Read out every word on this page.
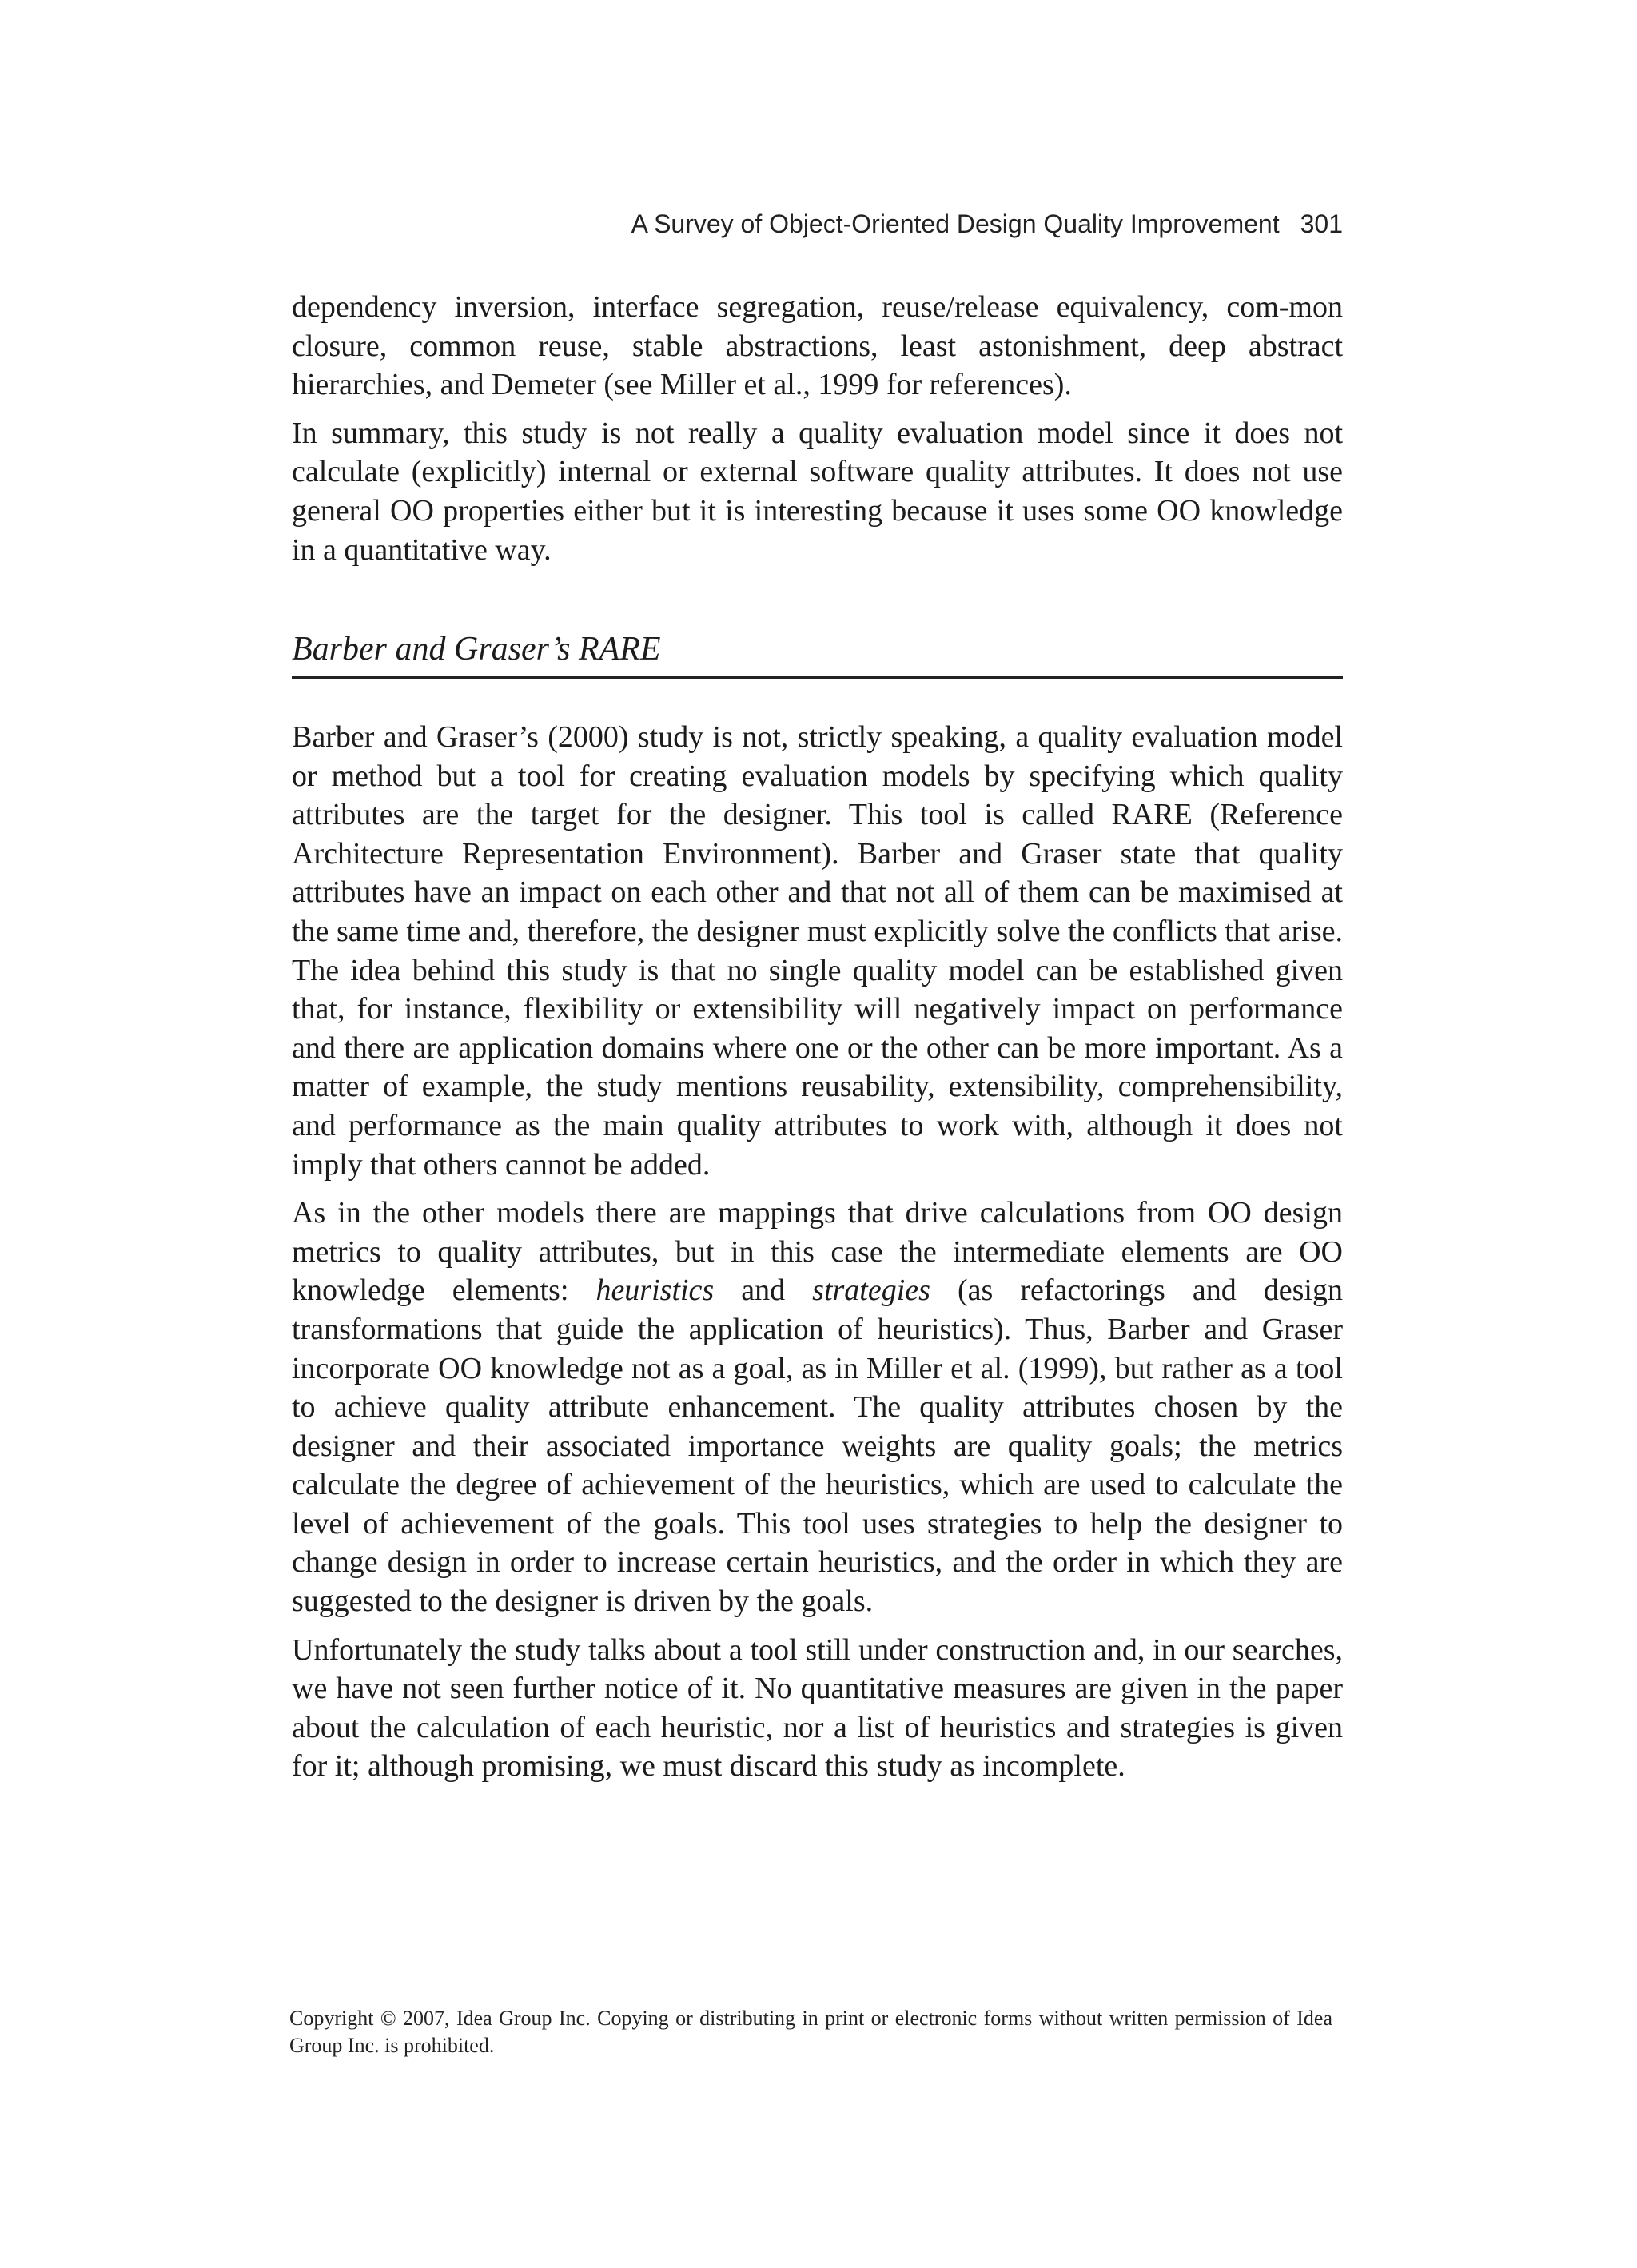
A Survey of Object-Oriented Design Quality Improvement 301

dependency inversion, interface segregation, reuse/release equivalency, com-mon closure, common reuse, stable abstractions, least astonishment, deep abstract hierarchies, and Demeter (see Miller et al., 1999 for references).

In summary, this study is not really a quality evaluation model since it does not calculate (explicitly) internal or external software quality attributes. It does not use general OO properties either but it is interesting because it uses some OO knowledge in a quantitative way.

Barber and Graser’s RARE

Barber and Graser’s (2000) study is not, strictly speaking, a quality evaluation model or method but a tool for creating evaluation models by specifying which quality attributes are the target for the designer. This tool is called RARE (Reference Architecture Representation Environment). Barber and Graser state that quality attributes have an impact on each other and that not all of them can be maximised at the same time and, therefore, the designer must explicitly solve the conflicts that arise. The idea behind this study is that no single quality model can be established given that, for instance, flexibility or extensibility will negatively impact on performance and there are application domains where one or the other can be more important. As a matter of example, the study mentions reusability, extensibility, comprehensibility, and performance as the main quality attributes to work with, although it does not imply that others cannot be added.

As in the other models there are mappings that drive calculations from OO design metrics to quality attributes, but in this case the intermediate elements are OO knowledge elements: heuristics and strategies (as refactorings and design transformations that guide the application of heuristics). Thus, Barber and Graser incorporate OO knowledge not as a goal, as in Miller et al. (1999), but rather as a tool to achieve quality attribute enhancement. The quality attributes chosen by the designer and their associated importance weights are quality goals; the metrics calculate the degree of achievement of the heuristics, which are used to calculate the level of achievement of the goals. This tool uses strategies to help the designer to change design in order to increase certain heuristics, and the order in which they are suggested to the designer is driven by the goals.

Unfortunately the study talks about a tool still under construction and, in our searches, we have not seen further notice of it. No quantitative measures are given in the paper about the calculation of each heuristic, nor a list of heuristics and strategies is given for it; although promising, we must discard this study as incomplete.

Copyright © 2007, Idea Group Inc. Copying or distributing in print or electronic forms without written permission of Idea Group Inc. is prohibited.
